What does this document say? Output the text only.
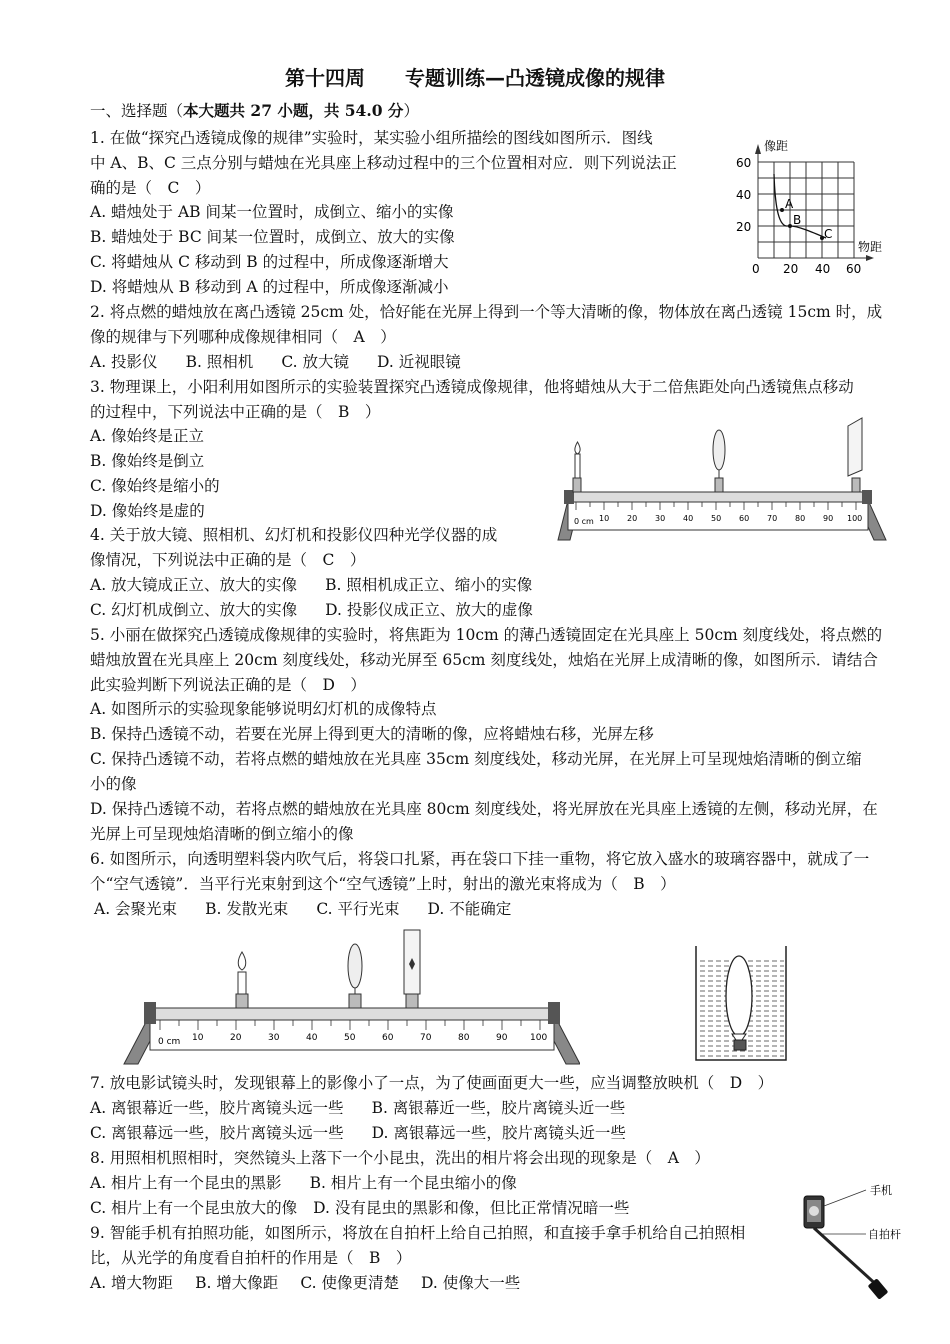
第十四周 专题训练—凸透镜成像的规律
一、选择题（本大题共 27 小题，共 54.0 分）
1. 在做“探究凸透镜成像的规律”实验时，某实验小组所描绘的图线如图所示．图线
中 A、B、C 三点分别与蜡烛在光具座上移动过程中的三个位置相对应．则下列说法正
确的是（　C　）
A. 蜡烛处于 AB 间某一位置时，成倒立、缩小的实像
B. 蜡烛处于 BC 间某一位置时，成倒立、放大的实像
C. 将蜡烛从 C 移动到 B 的过程中，所成像逐渐增大
D. 将蜡烛从 B 移动到 A 的过程中，所成像逐渐减小
像距
物距
60
40
20
0 20 40 60
A
B
C
2. 将点燃的蜡烛放在离凸透镜 25cm 处，恰好能在光屏上得到一个等大清晰的像，物体放在离凸透镜 15cm 时，成
像的规律与下列哪种成像规律相同（　A　）
A. 投影仪 B. 照相机 C. 放大镜 D. 近视眼镜
3. 物理课上，小阳利用如图所示的实验装置探究凸透镜成像规律，他将蜡烛从大于二倍焦距处向凸透镜焦点移动
的过程中，下列说法中正确的是（　B　）
A. 像始终是正立
B. 像始终是倒立
C. 像始终是缩小的
D. 像始终是虚的
0 cm 10 20 30 40 50 60 70 80 90 100
4. 关于放大镜、照相机、幻灯机和投影仪四种光学仪器的成
像情况，下列说法中正确的是（　C　）
A. 放大镜成正立、放大的实像 B. 照相机成正立、缩小的实像
C. 幻灯机成倒立、放大的实像 D. 投影仪成正立、放大的虚像
5. 小丽在做探究凸透镜成像规律的实验时，将焦距为 10cm 的薄凸透镜固定在光具座上 50cm 刻度线处，将点燃的
蜡烛放置在光具座上 20cm 刻度线处，移动光屏至 65cm 刻度线处，烛焰在光屏上成清晰的像，如图所示．请结合
此实验判断下列说法正确的是（　D　）
A. 如图所示的实验现象能够说明幻灯机的成像特点
B. 保持凸透镜不动，若要在光屏上得到更大的清晰的像，应将蜡烛右移，光屏左移
C. 保持凸透镜不动，若将点燃的蜡烛放在光具座 35cm 刻度线处，移动光屏，在光屏上可呈现烛焰清晰的倒立缩
小的像
D. 保持凸透镜不动，若将点燃的蜡烛放在光具座 80cm 刻度线处，将光屏放在光具座上透镜的左侧，移动光屏，在
光屏上可呈现烛焰清晰的倒立缩小的像
6. 如图所示，向透明塑料袋内吹气后，将袋口扎紧，再在袋口下挂一重物，将它放入盛水的玻璃容器中，就成了一
个“空气透镜”．当平行光束射到这个“空气透镜”上时，射出的激光束将成为（　B　）
A. 会聚光束 B. 发散光束 C. 平行光束 D. 不能确定
0 cm 10	20	30	40	50	60	70	80	90	100
7. 放电影试镜头时，发现银幕上的影像小了一点，为了使画面更大一些，应当调整放映机（　D　）
A. 离银幕近一些，胶片离镜头远一些 B. 离银幕近一些，胶片离镜头近一些
C. 离银幕远一些，胶片离镜头远一些 D. 离银幕远一些，胶片离镜头近一些
8. 用照相机照相时，突然镜头上落下一个小昆虫，洗出的相片将会出现的现象是（　A　）
A. 相片上有一个昆虫的黑影 B. 相片上有一个昆虫缩小的像
C. 相片上有一个昆虫放大的像 D. 没有昆虫的黑影和像，但比正常情况暗一些
9. 智能手机有拍照功能，如图所示，将放在自拍杆上给自己拍照，和直接手拿手机给自己拍照相
比，从光学的角度看自拍杆的作用是（　B　）
A. 增大物距 B. 增大像距 C. 使像更清楚 D. 使像大一些
手机
自拍杆
